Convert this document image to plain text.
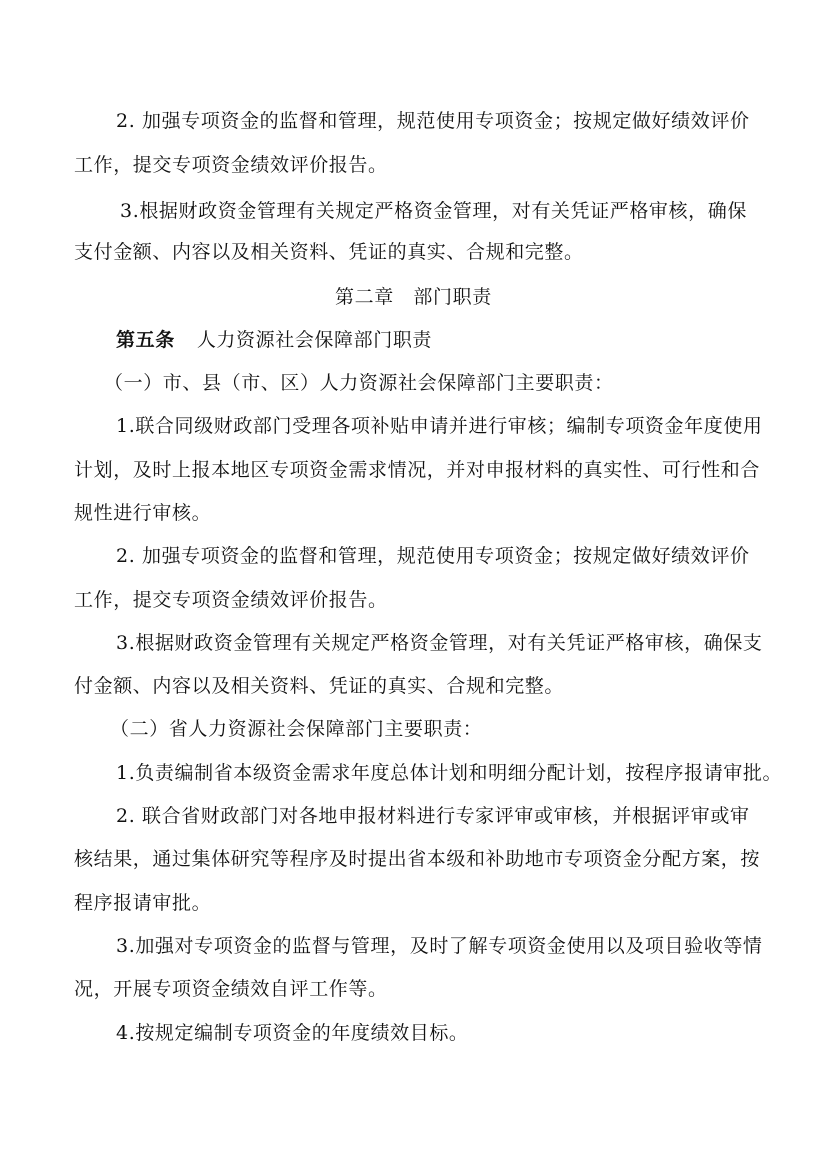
2. 加强专项资金的监督和管理，规范使用专项资金；按规定做好绩效评价
工作，提交专项资金绩效评价报告。
3.根据财政资金管理有关规定严格资金管理，对有关凭证严格审核，确保
支付金额、内容以及相关资料、凭证的真实、合规和完整。
第二章　部门职责
第五条 人力资源社会保障部门职责
（一）市、县（市、区）人力资源社会保障部门主要职责：
1.联合同级财政部门受理各项补贴申请并进行审核；编制专项资金年度使用
计划，及时上报本地区专项资金需求情况，并对申报材料的真实性、可行性和合
规性进行审核。
2. 加强专项资金的监督和管理，规范使用专项资金；按规定做好绩效评价
工作，提交专项资金绩效评价报告。
3.根据财政资金管理有关规定严格资金管理，对有关凭证严格审核，确保支
付金额、内容以及相关资料、凭证的真实、合规和完整。
（二）省人力资源社会保障部门主要职责：
1.负责编制省本级资金需求年度总体计划和明细分配计划，按程序报请审批。
2. 联合省财政部门对各地申报材料进行专家评审或审核，并根据评审或审
核结果，通过集体研究等程序及时提出省本级和补助地市专项资金分配方案，按
程序报请审批。
3.加强对专项资金的监督与管理，及时了解专项资金使用以及项目验收等情
况，开展专项资金绩效自评工作等。
4.按规定编制专项资金的年度绩效目标。
